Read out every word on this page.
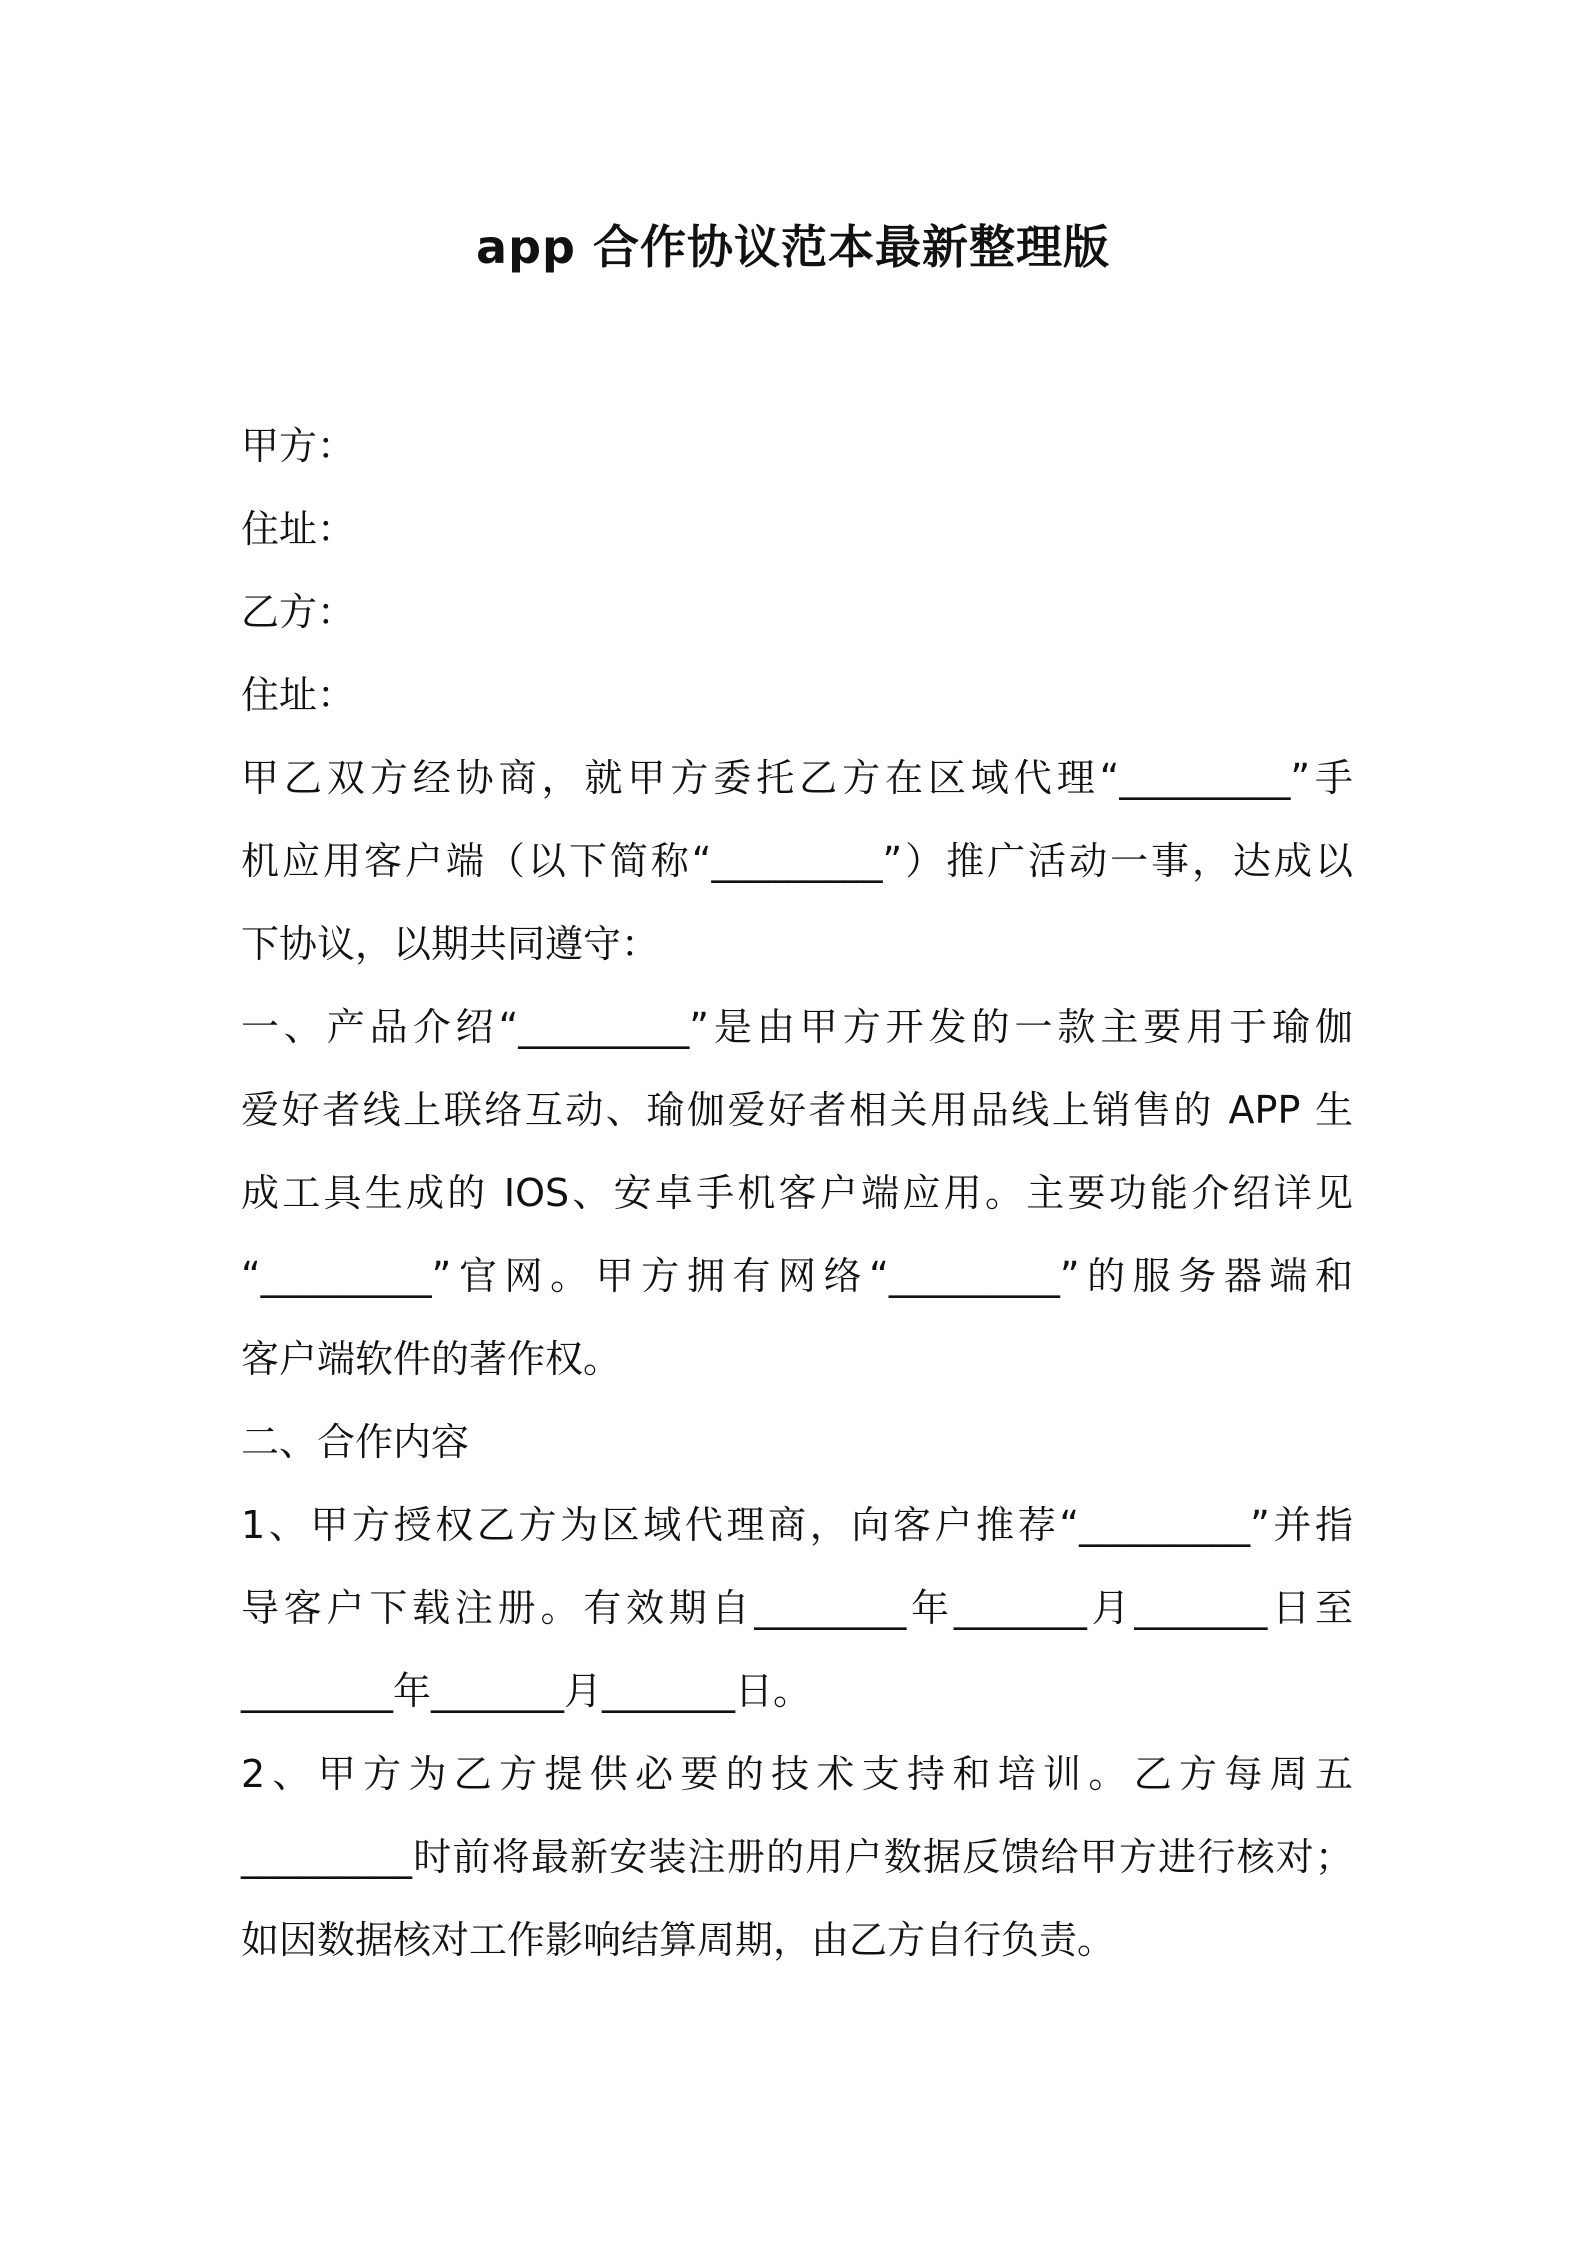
app 合作协议范本最新整理版
甲方：
住址：
乙方：
住址：
甲乙双方经协商，就甲方委托乙方在区域代理“_________”手
机应用客户端（以下简称“_________”）推广活动一事，达成以
下协议，以期共同遵守：
一、产品介绍“_________”是由甲方开发的一款主要用于瑜伽
爱好者线上联络互动、瑜伽爱好者相关用品线上销售的 APP 生
成工具生成的 IOS、安卓手机客户端应用。主要功能介绍详见
“_________”官网。甲方拥有网络“_________”的服务器端和
客户端软件的著作权。
二、合作内容
1、甲方授权乙方为区域代理商，向客户推荐“_________”并指
导客户下载注册。有效期自________年_______月_______日至
________年_______月_______日。
2、甲方为乙方提供必要的技术支持和培训。乙方每周五
_________时前将最新安装注册的用户数据反馈给甲方进行核对；
如因数据核对工作影响结算周期，由乙方自行负责。
